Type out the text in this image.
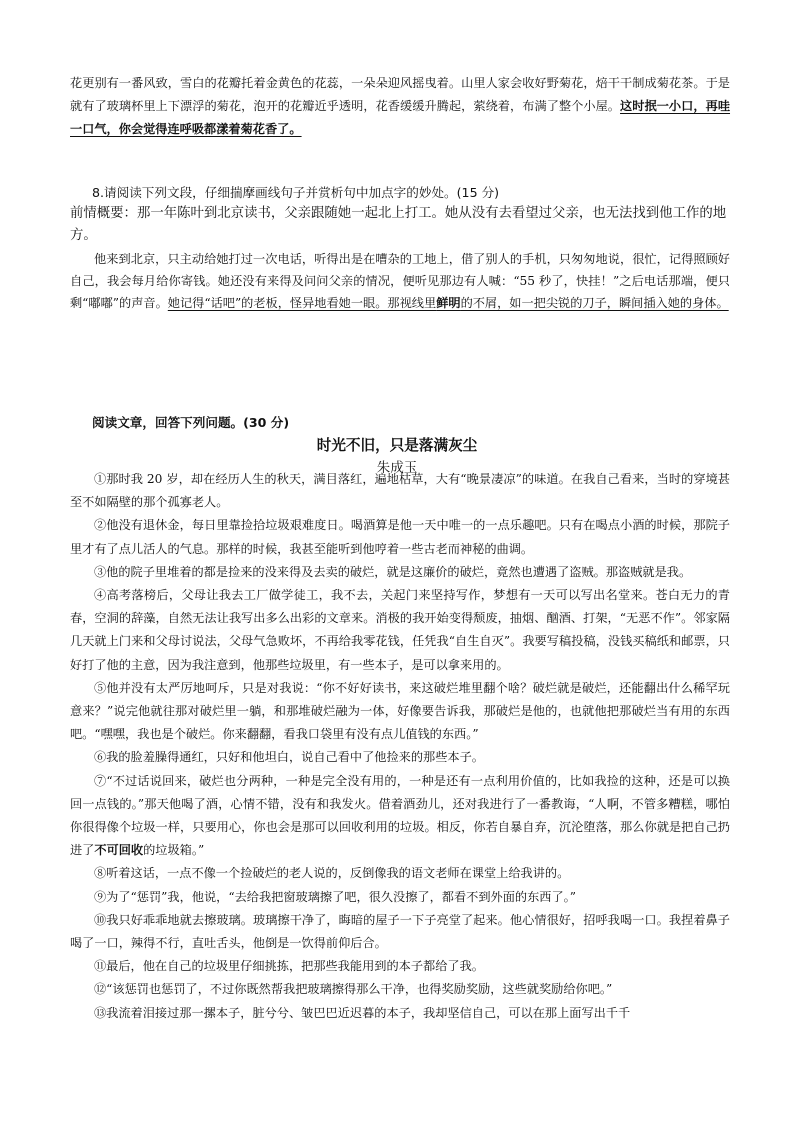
花更别有一番风致，雪白的花瓣托着金黄色的花蕊，一朵朵迎风摇曳着。山里人家会收好野菊花，焙干干制成菊花茶。于是就有了玻璃杯里上下漂浮的菊花，泡开的花瓣近乎透明，花香缓缓升腾起，萦绕着，布满了整个小屋。这时抿一小口，再哇一口气，你会觉得连呼吸都漾着菊花香了。
8.请阅读下列文段，仔细揣摩画线句子并赏析句中加点字的妙处。(15 分)
前情概要：那一年陈叶到北京读书，父亲跟随她一起北上打工。她从没有去看望过父亲，也无法找到他工作的地方。

他来到北京，只主动给她打过一次电话，听得出是在嘈杂的工地上，借了别人的手机，只匆匆地说，很忙，记得照顾好自己，我会每月给你寄钱。她还没有来得及问问父亲的情况，便听见那边有人喊：“55 秒了，快挂！”之后电话那端，便只剩“嘟嘟”的声音。她记得“话吧”的老板，怪异地看她一眼。那视线里鲜明的不屑，如一把尖锐的刀子，瞬间插入她的身体。

阅读文章，回答下列问题。(30 分)
时光不旧，只是落满灰尘
朱成玉

①那时我 20 岁，却在经历人生的秋天，满目落红，遍地枯草，大有“晚景凄凉”的味道。在我自己看来，当时的穿境甚至不如隔壁的那个孤寡老人。

②他没有退休金，每日里靠捡拾垃圾艰难度日。喝酒算是他一天中唯一的一点乐趣吧。只有在喝点小酒的时候，那院子里才有了点儿活人的气息。那样的时候，我甚至能听到他哼着一些古老而神秘的曲调。

③他的院子里堆着的都是捡来的没来得及去卖的破烂，就是这廉价的破烂，竟然也遭遇了盗贼。那盗贼就是我。

④高考落榜后，父母让我去工厂做学徒工，我不去，关起门来坚持写作，梦想有一天可以写出名堂来。苍白无力的青春，空洞的辞藻，自然无法让我写出多么出彩的文章来。消极的我开始变得颓废，抽烟、酗酒、打架，“无恶不作”。邻家隔几天就上门来和父母讨说法，父母气急败坏，不再给我零花钱，任凭我“自生自灭”。我要写稿投稿，没钱买稿纸和邮票，只好打了他的主意，因为我注意到，他那些垃圾里，有一些本子，是可以拿来用的。

⑤他并没有太严厉地呵斥，只是对我说：“你不好好读书，来这破烂堆里翻个啥？破烂就是破烂，还能翻出什么稀罕玩意来？”说完他就往那对破烂里一躺，和那堆破烂融为一体，好像要告诉我，那破烂是他的，也就他把那破烂当有用的东西吧。“嘿嘿，我也是个破烂。你来翻翻，看我口袋里有没有点儿值钱的东西。”

⑥我的脸羞臊得通红，只好和他坦白，说自己看中了他捡来的那些本子。

⑦“不过话说回来，破烂也分两种，一种是完全没有用的，一种是还有一点利用价值的，比如我捡的这种，还是可以换回一点钱的。”那天他喝了酒，心情不错，没有和我发火。借着酒劲儿，还对我进行了一番教诲，“人啊，不管多糟糕，哪怕你很得像个垃圾一样，只要用心，你也会是那可以回收利用的垃圾。相反，你若自暴自弃，沉沦堕落，那么你就是把自己扔进了不可回收的垃圾箱。”

⑧听着这话，一点不像一个捡破烂的老人说的，反倒像我的语文老师在课堂上给我讲的。

⑨为了“惩罚”我，他说，“去给我把窗玻璃擦了吧，很久没擦了，都看不到外面的东西了。”

⑩我只好乖乖地就去擦玻璃。玻璃擦干净了，晦暗的屋子一下子亮堂了起来。他心情很好，招呼我喝一口。我捏着鼻子喝了一口，辣得不行，直吐舌头，他倒是一饮得前仰后合。

⑪最后，他在自己的垃圾里仔细挑拣，把那些我能用到的本子都给了我。

⑫“该惩罚也惩罚了，不过你既然帮我把玻璃擦得那么干净，也得奖励奖励，这些就奖励给你吧。”

⑬我流着泪接过那一摞本子，脏兮兮、皱巴巴近迟暮的本子，我却坚信自己，可以在那上面写出千千
